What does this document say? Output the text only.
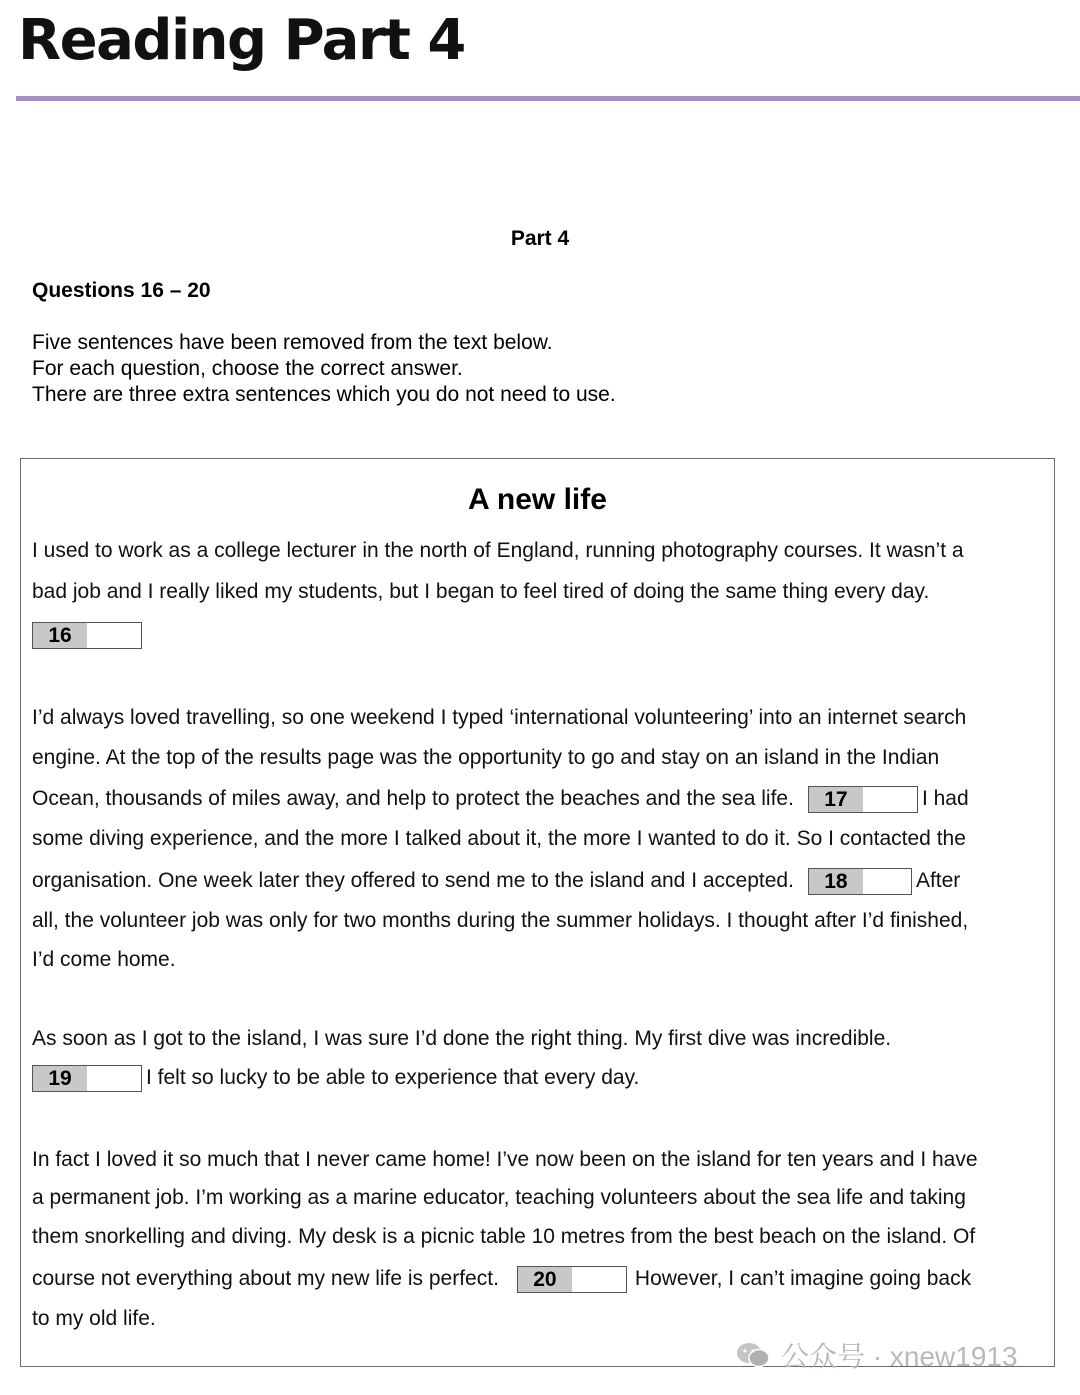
Reading Part 4
Part 4
Questions 16 – 20
Five sentences have been removed from the text below.
For each question, choose the correct answer.
There are three extra sentences which you do not need to use.
A new life
I used to work as a college lecturer in the north of England, running photography courses. It wasn’t a
bad job and I really liked my students, but I began to feel tired of doing the same thing every day.
16
I’d always loved travelling, so one weekend I typed ‘international volunteering’ into an internet search
engine. At the top of the results page was the opportunity to go and stay on an island in the Indian
Ocean, thousands of miles away, and help to protect the beaches and the sea life.	17	I had
some diving experience, and the more I talked about it, the more I wanted to do it. So I contacted the
organisation. One week later they offered to send me to the island and I accepted.	18	After
all, the volunteer job was only for two months during the summer holidays. I thought after I’d finished,
I’d come home.
As soon as I got to the island, I was sure I’d done the right thing. My first dive was incredible.
19	I felt so lucky to be able to experience that every day.
In fact I loved it so much that I never came home! I’ve now been on the island for ten years and I have
a permanent job. I’m working as a marine educator, teaching volunteers about the sea life and taking
them snorkelling and diving. My desk is a picnic table 10 metres from the best beach on the island. Of
course not everything about my new life is perfect.	20	However, I can’t imagine going back
to my old life.
公众号 · xnew1913
